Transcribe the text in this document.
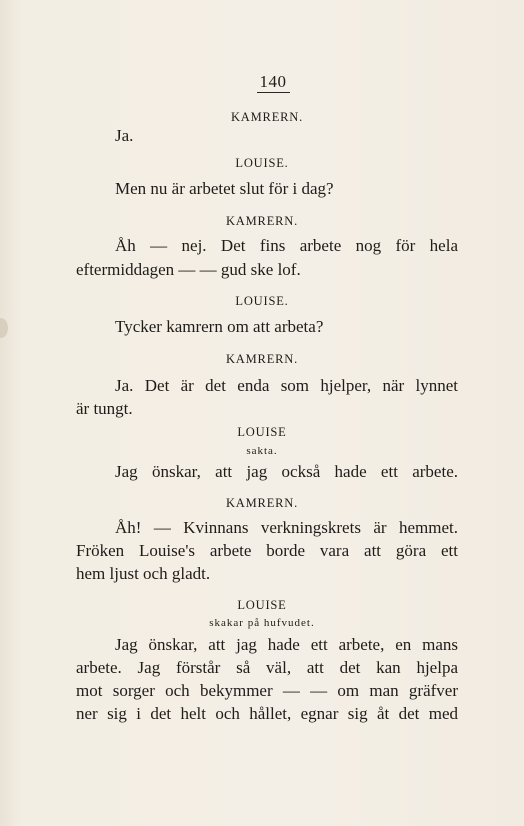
140
KAMRERN.
Ja.
LOUISE.
Men nu är arbetet slut för i dag?
KAMRERN.
Åh — nej. Det fins arbete nog för hela
eftermiddagen — — gud ske lof.
LOUISE.
Tycker kamrern om att arbeta?
KAMRERN.
Ja. Det är det enda som hjelper, när lynnet
är tungt.
LOUISE
sakta.
Jag önskar, att jag också hade ett arbete.
KAMRERN.
Åh! — Kvinnans verkningskrets är hemmet.
Fröken Louise's arbete borde vara att göra ett
hem ljust och gladt.
LOUISE
skakar på hufvudet.
Jag önskar, att jag hade ett arbete, en mans
arbete. Jag förstår så väl, att det kan hjelpa
mot sorger och bekymmer — — om man gräfver
ner sig i det helt och hållet, egnar sig åt det med
